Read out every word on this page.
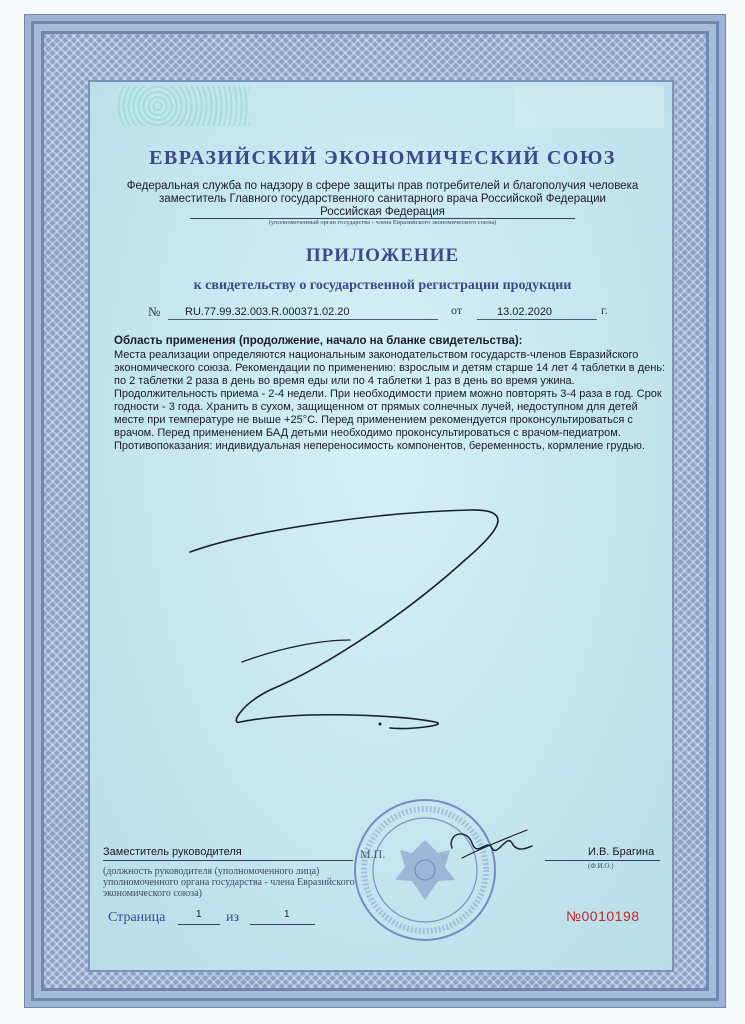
ЕВРАЗИЙСКИЙ ЭКОНОМИЧЕСКИЙ СОЮЗ
Федеральная служба по надзору в сфере защиты прав потребителей и благополучия человека
заместитель Главного государственного санитарного врача Российской Федерации
Российская Федерация
(уполномоченный орган государства - члена Евразийского экономического союза)
ПРИЛОЖЕНИЕ
к свидетельству о государственной регистрации продукции
№ RU.77.99.32.003.R.000371.02.20	от	13.02.2020	г.
Область применения (продолжение, начало на бланке свидетельства):
Места реализации определяются национальным законодательством государств-членов Евразийского экономического союза. Рекомендации по применению: взрослым и детям старше 14 лет 4 таблетки в день: по 2 таблетки 2 раза в день во время еды или по 4 таблетки 1 раз в день во время ужина. Продолжительность приема - 2-4 недели. При необходимости прием можно повторять 3-4 раза в год. Срок годности - 3 года. Хранить в сухом, защищенном от прямых солнечных лучей, недоступном для детей месте при температуре не выше +25°С. Перед применением рекомендуется проконсультироваться с врачом. Перед применением БАД детьми необходимо проконсультироваться с врачом-педиатром. Противопоказания: индивидуальная непереносимость компонентов, беременность, кормление грудью.
Заместитель руководителя	М.П.	И.В. Брагина
(Ф.И.О.)
(должность руководителя (уполномоченного лица) уполномоченного органа государства - члена Евразийского экономического союза)
Страница	1 из	1	№0010198
